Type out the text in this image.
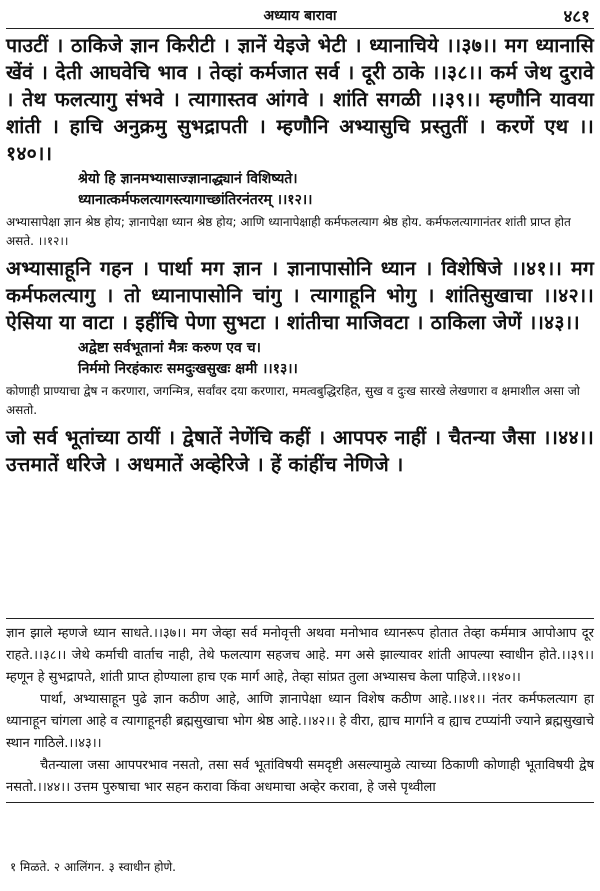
अध्याय बारावा	४८१

पाउटीं । ठाकिजे ज्ञान किरीटी । ज्ञानें येइजे भेटी । ध्यानाचिये ।।३७।। मग ध्यानासि खेंवं । देती आघवेचि भाव । तेव्हां कर्मजात सर्व । दूरी ठाके ।।३८।। कर्म जेथ दुरावे । तेथ फलत्यागु संभवे । त्यागास्तव आंगवे । शांति सगळी ।।३९।। म्हणौनि यावया शांती । हाचि अनुक्रमु सुभद्रापती । म्हणौनि अभ्यासुचि प्रस्तुतीं । करणें एथ ।।१४०।।

श्रेयो हि ज्ञानमभ्यासाज्ज्ञानाद्ध्यानं विशिष्यते।
ध्यानात्कर्मफलत्यागस्त्यागाच्छांतिरनंतरम्‌ ।।१२।।

अभ्यासापेक्षा ज्ञान श्रेष्ठ होय; ज्ञानापेक्षा ध्यान श्रेष्ठ होय; आणि ध्यानापेक्षाही कर्मफलत्याग श्रेष्ठ होय. कर्मफलत्यागानंतर शांती प्राप्त होत असते. ।।१२।।

अभ्यासाहूनि गहन । पार्था मग ज्ञान । ज्ञानापासोनि ध्यान । विशेषिजे ।।४१।। मग कर्मफलत्यागु । तो ध्यानापासोनि चांगु । त्यागाहूनि भोगु । शांतिसुखाचा ।।४२।। ऐसिया या वाटा । इहींचि पेणा सुभटा । शांतीचा माजिवटा । ठाकिला जेणें ।।४३।।

अद्वेष्टा सर्वभूतानां मैत्रः करुण एव च।
निर्ममो निरहंकारः समदुःखसुखः क्षमी ।।१३।।

कोणाही प्राण्याचा द्वेष न करणारा, जगन्मित्र, सर्वांवर दया करणारा, ममत्वबुद्धिरहित, सुख व दुःख सारखे लेखणारा व क्षमाशील असा जो असतो.

जो सर्व भूतांच्या ठायीं । द्वेषातें नेणेंचि कहीं । आपपरु नाहीं । चैतन्या जैसा ।।४४।। उत्तमातें धरिजे । अधमातें अव्हेरिजे । हें कांहींच नेणिजे ।

ज्ञान झाले म्हणजे ध्यान साधते.।।३७।। मग जेव्हा सर्व मनोवृत्ती अथवा मनोभाव ध्यानरूप होतात तेव्हा कर्ममात्र आपोआप दूर राहते.।।३८।। जेथे कर्माची वार्ताच नाही, तेथे फलत्याग सहजच आहे. मग असे झाल्यावर शांती आपल्या स्वाधीन होते.।।३९।। म्हणून हे सुभद्रापते, शांती प्राप्त होण्याला हाच एक मार्ग आहे, तेव्हा सांप्रत तुला अभ्यासच केला पाहिजे.।।१४०।।

पार्था, अभ्यासाहून पुढे ज्ञान कठीण आहे, आणि ज्ञानापेक्षा ध्यान विशेष कठीण आहे.।।४१।। नंतर कर्मफलत्याग हा ध्यानाहून चांगला आहे व त्यागाहूनही ब्रह्मसुखाचा भोग श्रेष्ठ आहे.।।४२।। हे वीरा, ह्याच मार्गाने व ह्याच टप्प्यांनी ज्याने ब्रह्मसुखाचे स्थान गाठिले.।।४३।।

चैतन्याला जसा आपपरभाव नसतो, तसा सर्व भूतांविषयी समदृष्टी असल्यामुळे त्याच्या ठिकाणी कोणाही भूताविषयी द्वेष नसतो.।।४४।। उत्तम पुरुषाचा भार सहन करावा किंवा अधमाचा अव्हेर करावा, हे जसे पृथ्वीला

१ मिळते. २ आलिंगन. ३ स्वाधीन होणे.
